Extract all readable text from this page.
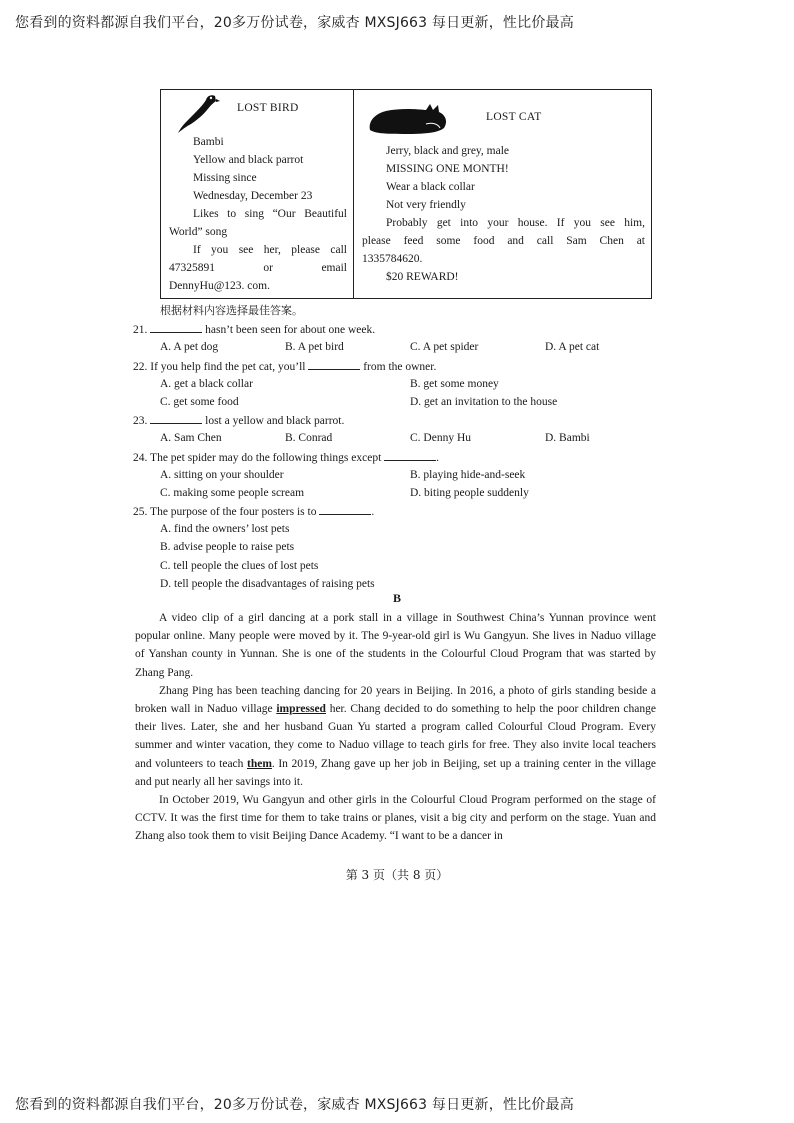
您看到的资料都源自我们平台，20多万份试卷，家威杏 MXSJ663 每日更新，性比价最高
LOST BIRD
Bambi
Yellow and black parrot
Missing since
Wednesday, December 23
Likes to sing “Our Beautiful
World” song
If you see her, please call
47325891	or	email
DennyHu@123. com.
LOST CAT
Jerry, black and grey, male
MISSING ONE MONTH!
Wear a black collar
Not very friendly
Probably get into your house. If you see him,
please feed some food and call Sam Chen at
1335784620.
$20 REWARD!
根据材料内容选择最佳答案。
21.	hasn’t been seen for about one week.
A. A pet dog	B. A pet bird	C. A pet spider	D. A pet cat
22. If you help find the pet cat, you’ll	from the owner.
A. get a black collar	B. get some money
C. get some food	D. get an invitation to the house
23.	lost a yellow and black parrot.
A. Sam Chen	B. Conrad	C. Denny Hu	D. Bambi
24. The pet spider may do the following things except	.
A. sitting on your shoulder	B. playing hide-and-seek
C. making some people scream	D. biting people suddenly
25. The purpose of the four posters is to	.
A. find the owners’ lost pets
B. advise people to raise pets
C. tell people the clues of lost pets
D. tell people the disadvantages of raising pets
B

A video clip of a girl dancing at a pork stall in a village in Southwest China’s Yunnan province went popular online. Many people were moved by it. The 9-year-old girl is Wu Gangyun. She lives in Naduo village of Yanshan county in Yunnan. She is one of the students in the Colourful Cloud Program that was started by Zhang Pang.

Zhang Ping has been teaching dancing for 20 years in Beijing. In 2016, a photo of girls standing beside a broken wall in Naduo village impressed her. Chang decided to do something to help the poor children change their lives. Later, she and her husband Guan Yu started a program called Colourful Cloud Program. Every summer and winter vacation, they come to Naduo village to teach girls for free. They also invite local teachers and volunteers to teach them. In 2019, Zhang gave up her job in Beijing, set up a training center in the village and put nearly all her savings into it.

In October 2019, Wu Gangyun and other girls in the Colourful Cloud Program performed on the stage of CCTV. It was the first time for them to take trains or planes, visit a big city and perform on the stage. Yuan and Zhang also took them to visit Beijing Dance Academy. “I want to be a dancer in

第 3 页（共 8 页）
您看到的资料都源自我们平台，20多万份试卷，家威杏 MXSJ663 每日更新，性比价最高
